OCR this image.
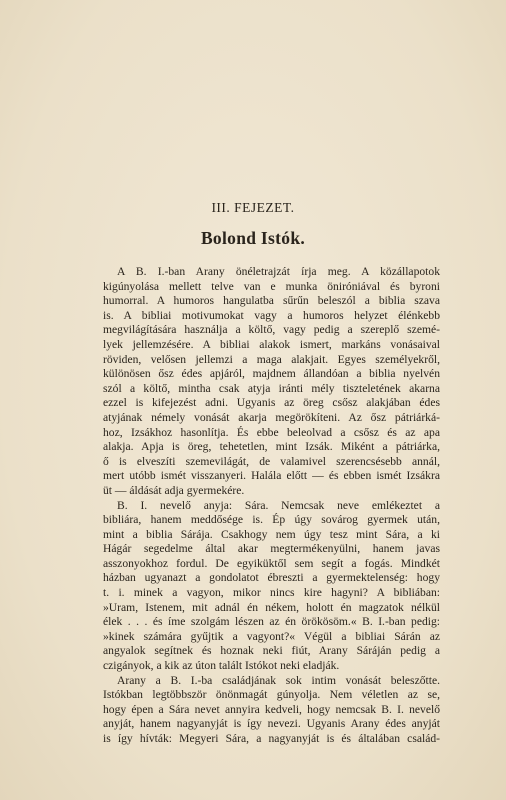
III. FEJEZET.
Bolond Istók.
A B. I.-ban Arany önéletrajzát írja meg. A közállapotok
kigúnyolása mellett telve van e munka öniróniával és byroni
humorral. A humoros hangulatba sűrűn beleszól a biblia szava
is. A bibliai motivumokat vagy a humoros helyzet élénkebb
megvilágítására használja a költő, vagy pedig a szereplő szemé-
lyek jellemzésére. A bibliai alakok ismert, markáns vonásaival
röviden, velősen jellemzi a maga alakjait. Egyes személyekről,
különösen ősz édes apjáról, majdnem állandóan a biblia nyelvén
szól a költő, mintha csak atyja iránti mély tiszteletének akarna
ezzel is kifejezést adni. Ugyanis az öreg csősz alakjában édes
atyjának némely vonását akarja megörökíteni. Az ősz pátriárká-
hoz, Izsákhoz hasonlítja. És ebbe beleolvad a csősz és az apa
alakja. Apja is öreg, tehetetlen, mint Izsák. Miként a pátriárka,
ő is elveszíti szemevilágát, de valamivel szerencsésebb annál,
mert utóbb ismét visszanyeri. Halála előtt — és ebben ismét Izsákra
üt — áldását adja gyermekére.
B. I. nevelő anyja: Sára. Nemcsak neve emlékeztet a
bibliára, hanem meddősége is. Ép úgy sovárog gyermek után,
mint a biblia Sárája. Csakhogy nem úgy tesz mint Sára, a ki
Hágár segedelme által akar megtermékenyülni, hanem javas
asszonyokhoz fordul. De egyiküktől sem segít a fogás. Mindkét
házban ugyanazt a gondolatot ébreszti a gyermektelenség: hogy
t. i. minek a vagyon, mikor nincs kire hagyni? A bibliában:
»Uram, Istenem, mit adnál én nékem, holott én magzatok nélkül
élek . . . és íme szolgám lészen az én örökösöm.« B. I.-ban pedig:
»kinek számára gyűjtik a vagyont?« Végül a bibliai Sárán az
angyalok segítnek és hoznak neki fiút, Arany Sáráján pedig a
czigányok, a kik az úton talált Istókot neki eladják.
Arany a B. I.-ba családjának sok intim vonását beleszőtte.
Istókban legtöbbször önönmagát gúnyolja. Nem véletlen az se,
hogy épen a Sára nevet annyira kedveli, hogy nemcsak B. I. nevelő
anyját, hanem nagyanyját is így nevezi. Ugyanis Arany édes anyját
is így hívták: Megyeri Sára, a nagyanyját is és általában család-
